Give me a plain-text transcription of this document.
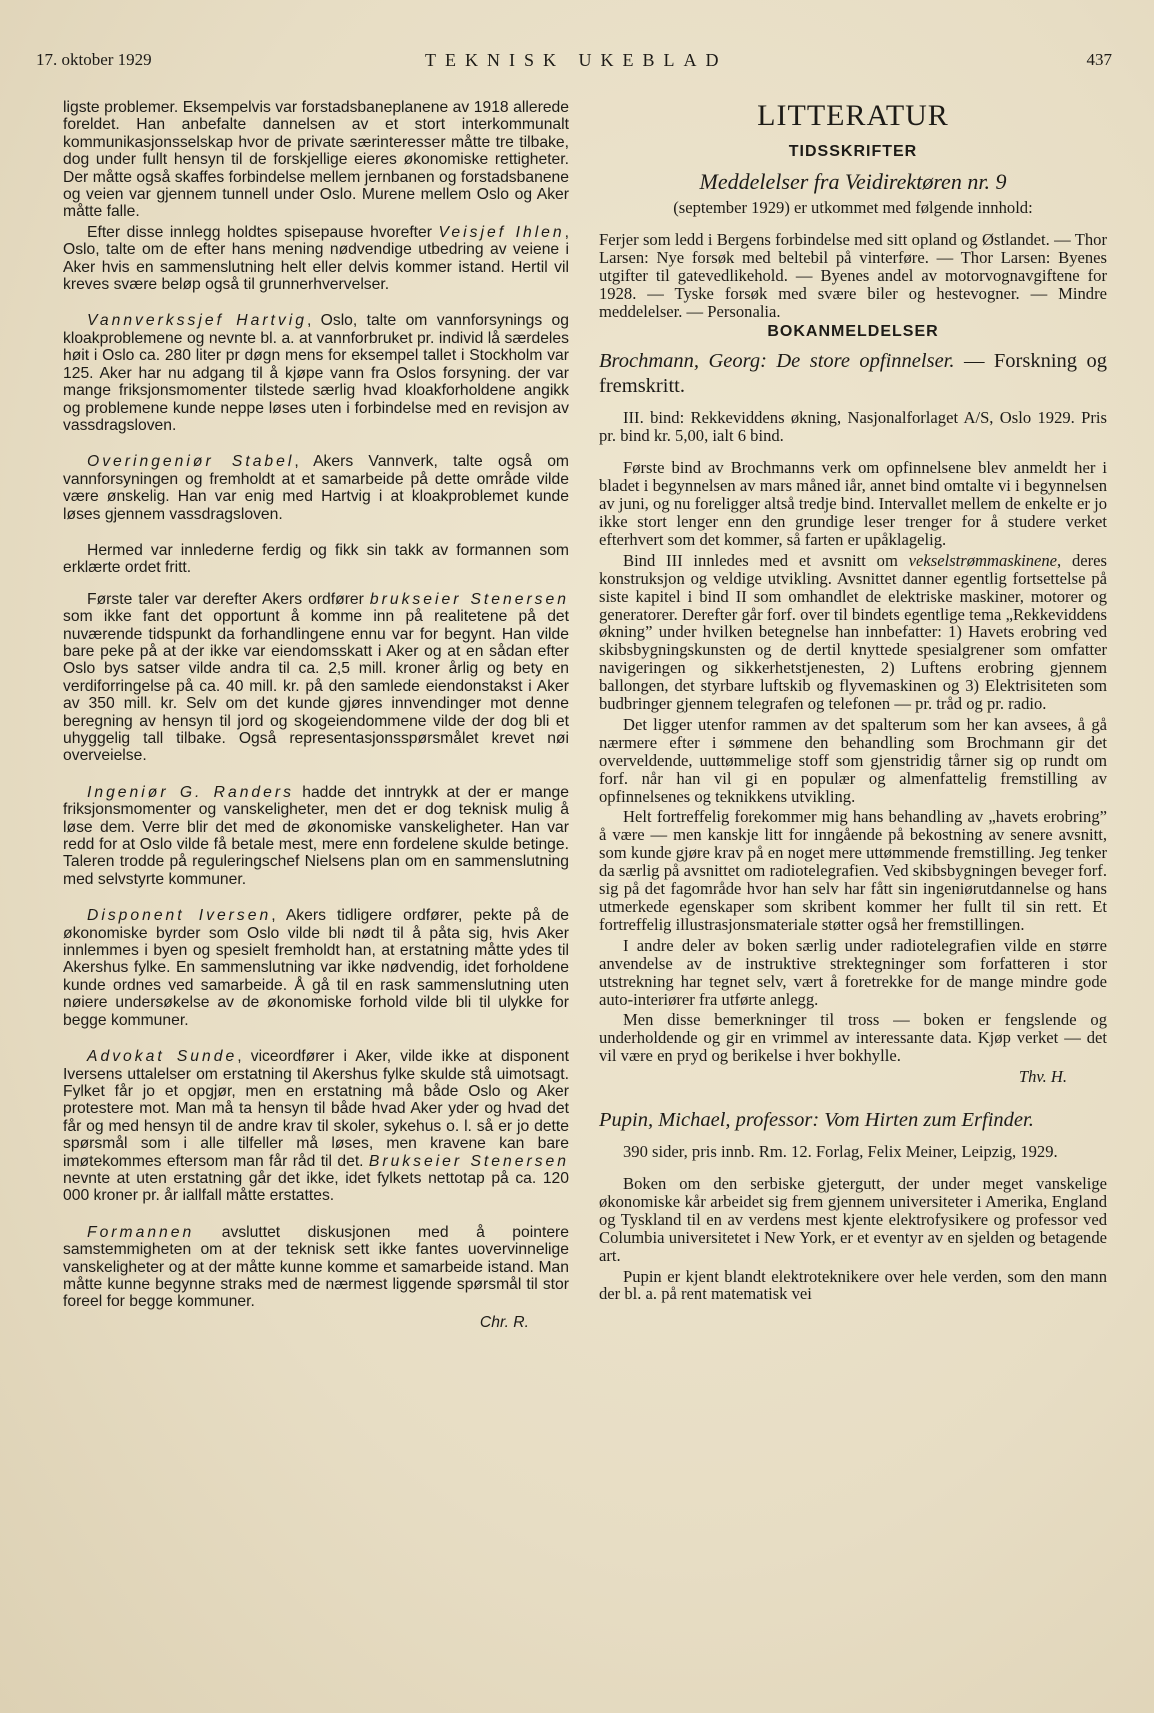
17. oktober 1929	TEKNISK UKEBLAD	437

ligste problemer. Eksempelvis var forstadsbaneplanene av 1918 allerede foreldet. Han anbefalte dannelsen av et stort interkommunalt kommunikasjonsselskap hvor de private særinteresser måtte tre tilbake, dog under fullt hensyn til de forskjellige eieres økonomiske rettigheter. Der måtte også skaffes forbindelse mellem jernbanen og forstadsbanene og veien var gjennem tunnell under Oslo. Murene mellem Oslo og Aker måtte falle.

Efter disse innlegg holdtes spisepause hvorefter Veisjef Ihlen, Oslo, talte om de efter hans mening nødvendige utbedring av veiene i Aker hvis en sammenslutning helt eller delvis kommer istand. Hertil vil kreves svære beløp også til grunnerhvervelser.

Vannverkssjef Hartvig, Oslo, talte om vannforsynings og kloakproblemene og nevnte bl. a. at vannforbruket pr. individ lå særdeles høit i Oslo ca. 280 liter pr døgn mens for eksempel tallet i Stockholm var 125. Aker har nu adgang til å kjøpe vann fra Oslos forsyning. der var mange friksjonsmomenter tilstede særlig hvad kloakforholdene angikk og problemene kunde neppe løses uten i forbindelse med en revisjon av vassdragsloven.

Overingeniør Stabel, Akers Vannverk, talte også om vannforsyningen og fremholdt at et samarbeide på dette område vilde være ønskelig. Han var enig med Hartvig i at kloakproblemet kunde løses gjennem vassdragsloven.

Hermed var innlederne ferdig og fikk sin takk av formannen som erklærte ordet fritt.

Første taler var derefter Akers ordfører brukseier Stenersen som ikke fant det opportunt å komme inn på realitetene på det nuværende tidspunkt da forhandlingene ennu var for begynt. Han vilde bare peke på at der ikke var eiendomsskatt i Aker og at en sådan efter Oslo bys satser vilde andra til ca. 2,5 mill. kroner årlig og bety en verdiforringelse på ca. 40 mill. kr. på den samlede eiendonstakst i Aker av 350 mill. kr. Selv om det kunde gjøres innvendinger mot denne beregning av hensyn til jord og skogeiendommene vilde der dog bli et uhyggelig tall tilbake. Også representasjonsspørsmålet krevet nøi overveielse.

Ingeniør G. Randers hadde det inntrykk at der er mange friksjonsmomenter og vanskeligheter, men det er dog teknisk mulig å løse dem. Verre blir det med de økonomiske vanskeligheter. Han var redd for at Oslo vilde få betale mest, mere enn fordelene skulde betinge. Taleren trodde på reguleringschef Nielsens plan om en sammenslutning med selvstyrte kommuner.

Disponent Iversen, Akers tidligere ordfører, pekte på de økonomiske byrder som Oslo vilde bli nødt til å påta sig, hvis Aker innlemmes i byen og spesielt fremholdt han, at erstatning måtte ydes til Akershus fylke. En sammenslutning var ikke nødvendig, idet forholdene kunde ordnes ved samarbeide. Å gå til en rask sammenslutning uten nøiere undersøkelse av de økonomiske forhold vilde bli til ulykke for begge kommuner.

Advokat Sunde, viceordfører i Aker, vilde ikke at disponent Iversens uttalelser om erstatning til Akershus fylke skulde stå uimotsagt. Fylket får jo et opgjør, men en erstatning må både Oslo og Aker protestere mot. Man må ta hensyn til både hvad Aker yder og hvad det får og med hensyn til de andre krav til skoler, sykehus o. l. så er jo dette spørsmål som i alle tilfeller må løses, men kravene kan bare imøtekommes eftersom man får råd til det. Brukseier Stenersen nevnte at uten erstatning går det ikke, idet fylkets nettotap på ca. 120 000 kroner pr. år iallfall måtte erstattes.

Formannen avsluttet diskusjonen med å pointere samstemmigheten om at der teknisk sett ikke fantes uovervinnelige vanskeligheter og at der måtte kunne komme et samarbeide istand. Man måtte kunne begynne straks med de nærmest liggende spørsmål til stor foreel for begge kommuner.

Chr. R.

LITTERATUR
TIDSSKRIFTER
Meddelelser fra Veidirektøren nr. 9

(september 1929) er utkommet med følgende innhold:

Ferjer som ledd i Bergens forbindelse med sitt opland og Østlandet. — Thor Larsen: Nye forsøk med beltebil på vinterføre. — Thor Larsen: Byenes utgifter til gatevedlikehold. — Byenes andel av motorvognavgiftene for 1928. — Tyske forsøk med svære biler og hestevogner. — Mindre meddelelser. — Personalia.

BOKANMELDELSER
Brochmann, Georg: De store opfinnelser. — Forskning og fremskritt.

III. bind: Rekkeviddens økning, Nasjonalforlaget A/S, Oslo 1929. Pris pr. bind kr. 5,00, ialt 6 bind.

Første bind av Brochmanns verk om opfinnelsene blev anmeldt her i bladet i begynnelsen av mars måned iår, annet bind omtalte vi i begynnelsen av juni, og nu foreligger altså tredje bind. Intervallet mellem de enkelte er jo ikke stort lenger enn den grundige leser trenger for å studere verket efterhvert som det kommer, så farten er upåklagelig.

Bind III innledes med et avsnitt om vekselstrømmaskinene, deres konstruksjon og veldige utvikling. Avsnittet danner egentlig fortsettelse på siste kapitel i bind II som omhandlet de elektriske maskiner, motorer og generatorer. Derefter går forf. over til bindets egentlige tema „Rekkeviddens økning” under hvilken betegnelse han innbefatter: 1) Havets erobring ved skibsbygningskunsten og de dertil knyttede spesialgrener som omfatter navigeringen og sikkerhetstjenesten, 2) Luftens erobring gjennem ballongen, det styrbare luftskib og flyvemaskinen og 3) Elektrisiteten som budbringer gjennem telegrafen og telefonen — pr. tråd og pr. radio.

Det ligger utenfor rammen av det spalterum som her kan avsees, å gå nærmere efter i sømmene den behandling som Brochmann gir det overveldende, uuttømmelige stoff som gjenstridig tårner sig op rundt om forf. når han vil gi en populær og almenfattelig fremstilling av opfinnelsenes og teknikkens utvikling.

Helt fortreffelig forekommer mig hans behandling av „havets erobring” å være — men kanskje litt for inngående på bekostning av senere avsnitt, som kunde gjøre krav på en noget mere uttømmende fremstilling. Jeg tenker da særlig på avsnittet om radiotelegrafien. Ved skibsbygningen beveger forf. sig på det fagområde hvor han selv har fått sin ingeniørutdannelse og hans utmerkede egenskaper som skribent kommer her fullt til sin rett. Et fortreffelig illustrasjonsmateriale støtter også her fremstillingen.

I andre deler av boken særlig under radiotelegrafien vilde en større anvendelse av de instruktive strektegninger som forfatteren i stor utstrekning har tegnet selv, vært å foretrekke for de mange mindre gode auto-interiører fra utførte anlegg.

Men disse bemerkninger til tross — boken er fengslende og underholdende og gir en vrimmel av interessante data. Kjøp verket — det vil være en pryd og berikelse i hver bokhylle.

Thv. H.

Pupin, Michael, professor: Vom Hirten zum Erfinder.

390 sider, pris innb. Rm. 12. Forlag, Felix Meiner, Leipzig, 1929.

Boken om den serbiske gjetergutt, der under meget vanskelige økonomiske kår arbeidet sig frem gjennem universiteter i Amerika, England og Tyskland til en av verdens mest kjente elektrofysikere og professor ved Columbia universitetet i New York, er et eventyr av en sjelden og betagende art.

Pupin er kjent blandt elektroteknikere over hele verden, som den mann der bl. a. på rent matematisk vei
